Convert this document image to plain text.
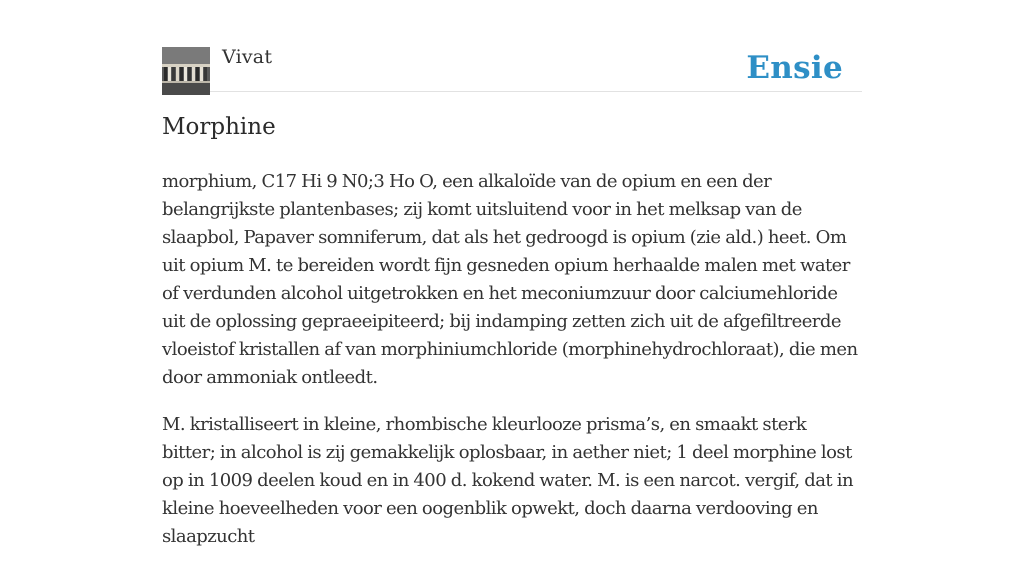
Vivat	Ensie
Morphine

morphium, C17 Hi 9 N0;3 Ho O, een alkaloïde van de opium en een der belangrijkste plantenbases; zij komt uitsluitend voor in het melksap van de slaapbol, Papaver somniferum, dat als het gedroogd is opium (zie ald.) heet. Om uit opium M. te bereiden wordt fijn gesneden opium herhaalde malen met water of verdunden alcohol uitgetrokken en het meconiumzuur door calciumehloride uit de oplossing gepraeeipiteerd; bij indamping zetten zich uit de afgefiltreerde vloeistof kristallen af van morphiniumchloride (morphinehydrochloraat), die men door ammoniak ontleedt.

M. kristalliseert in kleine, rhombische kleurlooze prisma’s, en smaakt sterk bitter; in alcohol is zij gemakkelijk oplosbaar, in aether niet; 1 deel morphine lost op in 1009 deelen koud en in 400 d. kokend water. M. is een narcot. vergif, dat in kleine hoeveelheden voor een oogenblik opwekt, doch daarna verdooving en slaapzucht
